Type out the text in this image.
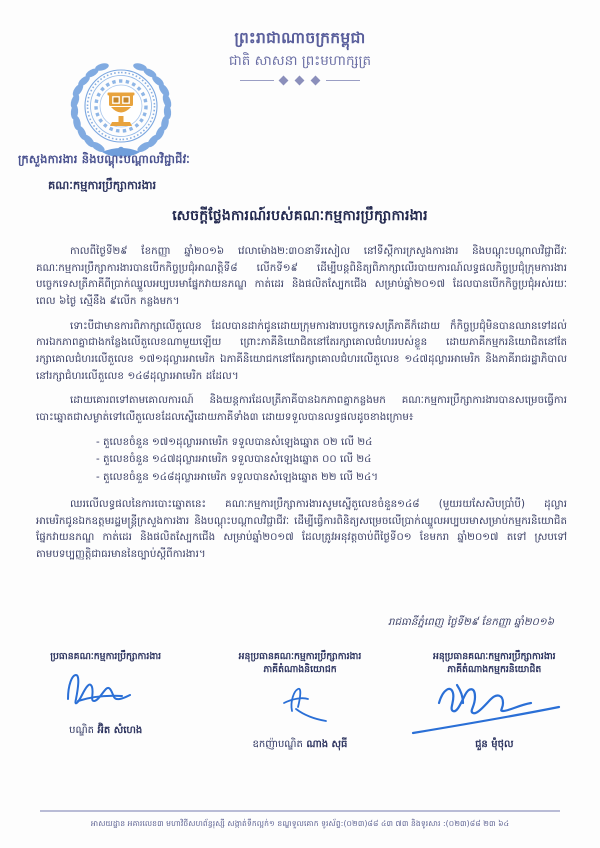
ព្រះរាជាណាចក្រកម្ពុជា
ជាតិ សាសនា ព្រះមហាក្សត្រ
ក្រសួងការងារ និងបណ្ដុះបណ្ដាលវិជ្ជាជីវៈ
គណៈកម្មការប្រឹក្សាការងារ
សេចក្ដីថ្លែងការណ៍របស់គណៈកម្មការប្រឹក្សាការងារ

កាលពីថ្ងៃទី២៩ ខែកញ្ញា ឆ្នាំ២០១៦ វេលាម៉ោង២:៣០នាទីរសៀល នៅទីស្ដីការក្រសួងការងារ និងបណ្ដុះបណ្ដាលវិជ្ជាជីវៈ គណៈកម្មការប្រឹក្សាការងារបានបើកកិច្ចប្រជុំអាណត្តិទី៨ លើកទី១៩ ដើម្បីបន្តពិនិត្យពិភាក្សាលើរបាយការណ៍លទ្ធផលកិច្ចប្រជុំក្រុមការងារបច្ចេកទេសត្រីភាគីពីប្រាក់ឈ្នួលអប្បបរមាផ្នែកវាយនភណ្ឌ កាត់ដេរ និងផលិតស្បែកជើង សម្រាប់ឆ្នាំ២០១៧ ដែលបានបើកកិច្ចប្រជុំអស់រយៈពេល ៦ថ្ងៃ ស្មើនឹង ៩លើក កន្លងមក។

ទោះបីជាមានការពិភាក្សាលើតួលេខ ដែលបានដាក់ជូនដោយក្រុមការងារបច្ចេកទេសត្រីភាគីក៏ដោយ ក៏កិច្ចប្រជុំមិនបានឈានទៅដល់ការឯកភាពគ្នាជាងកន្លែងលើតួលេខណាមួយឡើយ ព្រោះភាគីនិយោជិតនៅតែរក្សាគោលជំហររបស់ខ្លួន ដោយភាគីកម្មករនិយោជិតនៅតែរក្សាគោលជំហរលើតួលេខ ១៧១ដុល្លារអាមេរិក ឯភាគីនិយោជកនៅតែរក្សាគោលជំហរលើតួលេខ ១៤៧ដុល្លារអាមេរិក និងភាគីរាជរដ្ឋាភិបាលនៅរក្សាជំហរលើតួលេខ ១៤៨ដុល្លារអាមេរិក ដដែល។

ដោយគោរពទៅតាមគោលការណ៍ និងយន្តការដែលត្រីភាគីបានឯកភាពគ្នាកន្លងមក គណៈកម្មការប្រឹក្សាការងារបានសម្រេចធ្វើការបោះឆ្នោតជាសម្ងាត់ទៅលើតួលេខដែលស្នើដោយភាគីទាំង៣ ដោយទទួលបានលទ្ធផលដូចខាងក្រោម៖

- តួលេខចំនួន ១៧១ដុល្លារអាមេរិក ទទួលបានសំឡេងឆ្នោត ០២ លើ ២៤
- តួលេខចំនួន ១៤៧ដុល្លារអាមេរិក ទទួលបានសំឡេងឆ្នោត ០០ លើ ២៤
- តួលេខចំនួន ១៤៨ដុល្លារអាមេរិក ទទួលបានសំឡេងឆ្នោត ២២ លើ ២៤។

ឈរលើលទ្ធផលនៃការបោះឆ្នោតនេះ គណៈកម្មការប្រឹក្សាការងារសូមស្នើតួលេខចំនួន១៤៨ (មួយរយសែសិបប្រាំបី) ដុល្លារអាមេរិកជូនឯកឧត្តមរដ្ឋមន្ត្រីក្រសួងការងារ និងបណ្ដុះបណ្ដាលវិជ្ជាជីវៈ ដើម្បីធ្វើការពិនិត្យសម្រេចលើប្រាក់ឈ្នួលអប្បបរមាសម្រាប់កម្មករនិយោជិតផ្នែកវាយនភណ្ឌ កាត់ដេរ និងផលិតស្បែកជើង សម្រាប់ឆ្នាំ២០១៧ ដែលត្រូវអនុវត្តចាប់ពីថ្ងៃទី០១ ខែមករា ឆ្នាំ២០១៧ តទៅ ស្របទៅតាមបទប្បញ្ញត្តិជាធរមាននៃច្បាប់ស្ដីពីការងារ។

រាជធានីភ្នំពេញ ថ្ងៃទី២៩ ខែកញ្ញា ឆ្នាំ២០១៦
ប្រធានគណៈកម្មការប្រឹក្សាការងារ
បណ្ឌិត អ៊ិត សំហេង
អនុប្រធានគណៈកម្មការប្រឹក្សាការងារ
ភាគីតំណាងនិយោជក
ឧកញ៉ាបណ្ឌិត ណាង សុធី
អនុប្រធានគណៈកម្មការប្រឹក្សាការងារ
ភាគីតំណាងកម្មករនិយោជិត
ជួន ម៉ុំថុល
អាសយដ្ឋាន អគារលេខ៣ មហាវិថីសហព័ន្ធរុស្សី សង្កាត់ទឹកល្អក់១ ខណ្ឌទួលគោក ទូរស័ព្ទ:(០២៣)៨៨ ៤៣ ៧៣ និងទូរសារ :(០២៣)៨៨ ២៣ ៦៤
